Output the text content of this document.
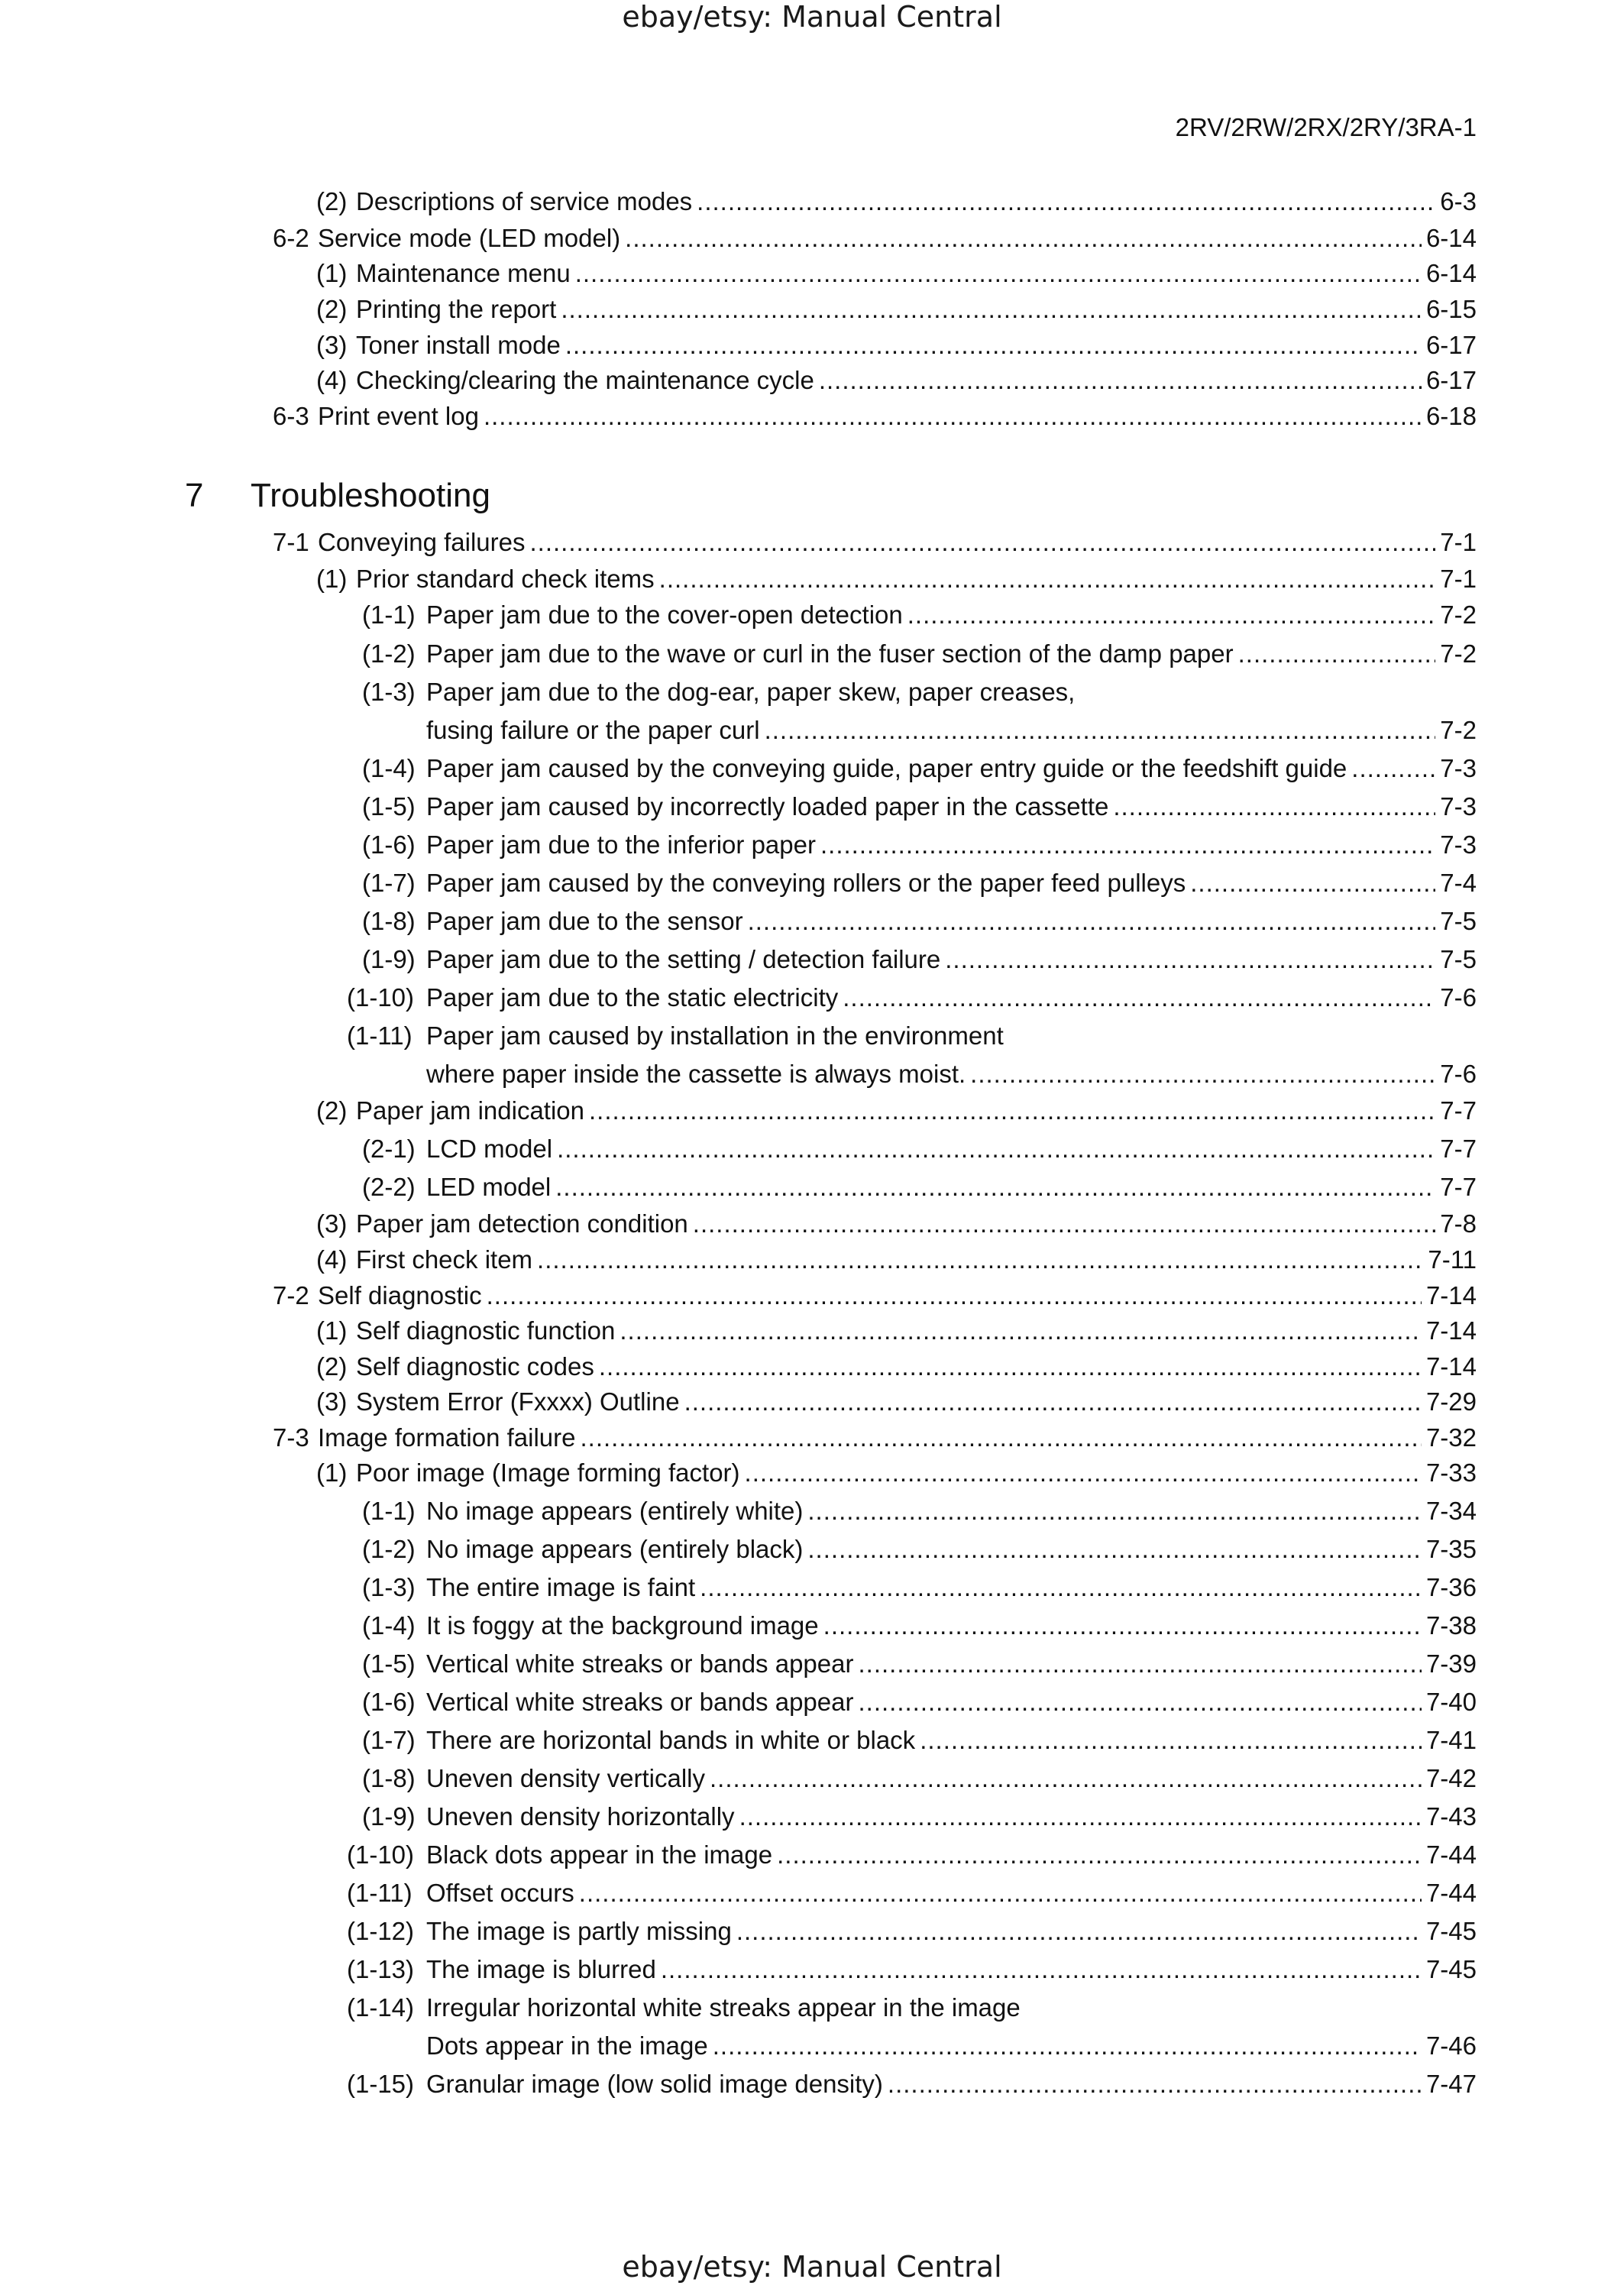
ebay/etsy: Manual Central
2RV/2RW/2RX/2RY/3RA-1
7 Troubleshooting
(2) Descriptions of service modes .....	6-3
6-2 Service mode (LED model) .....	6-14
(1) Maintenance menu .....	6-14
(2) Printing the report .....	6-15
(3) Toner install mode .....	6-17
(4) Checking/clearing the maintenance cycle .....	6-17
6-3 Print event log .....	6-18
7-1 Conveying failures .....	7-1
(1) Prior standard check items .....	7-1
(1-1) Paper jam due to the cover-open detection .....	7-2
(1-2) Paper jam due to the wave or curl in the fuser section of the damp paper .....	7-2
(1-3) Paper jam due to the dog-ear, paper skew, paper creases,
fusing failure or the paper curl .....	7-2
(1-4) Paper jam caused by the conveying guide, paper entry guide or the feedshift guide .....	7-3
(1-5) Paper jam caused by incorrectly loaded paper in the cassette .....	7-3
(1-6) Paper jam due to the inferior paper .....	7-3
(1-7) Paper jam caused by the conveying rollers or the paper feed pulleys .....	7-4
(1-8) Paper jam due to the sensor .....	7-5
(1-9) Paper jam due to the setting / detection failure .....	7-5
(1-10) Paper jam due to the static electricity .....	7-6
(1-11) Paper jam caused by installation in the environment
where paper inside the cassette is always moist. .....	7-6
(2) Paper jam indication .....	7-7
(2-1) LCD model .....	7-7
(2-2) LED model .....	7-7
(3) Paper jam detection condition .....	7-8
(4) First check item .....	7-11
7-2 Self diagnostic .....	7-14
(1) Self diagnostic function .....	7-14
(2) Self diagnostic codes .....	7-14
(3) System Error (Fxxxx) Outline .....	7-29
7-3 Image formation failure .....	7-32
(1) Poor image (Image forming factor) .....	7-33
(1-1) No image appears (entirely white) .....	7-34
(1-2) No image appears (entirely black) .....	7-35
(1-3) The entire image is faint .....	7-36
(1-4) It is foggy at the background image .....	7-38
(1-5) Vertical white streaks or bands appear .....	7-39
(1-6) Vertical white streaks or bands appear .....	7-40
(1-7) There are horizontal bands in white or black .....	7-41
(1-8) Uneven density vertically .....	7-42
(1-9) Uneven density horizontally .....	7-43
(1-10) Black dots appear in the image .....	7-44
(1-11) Offset occurs .....	7-44
(1-12) The image is partly missing .....	7-45
(1-13) The image is blurred .....	7-45
(1-14) Irregular horizontal white streaks appear in the image
Dots appear in the image .....	7-46
(1-15) Granular image (low solid image density) .....	7-47
ebay/etsy: Manual Central
